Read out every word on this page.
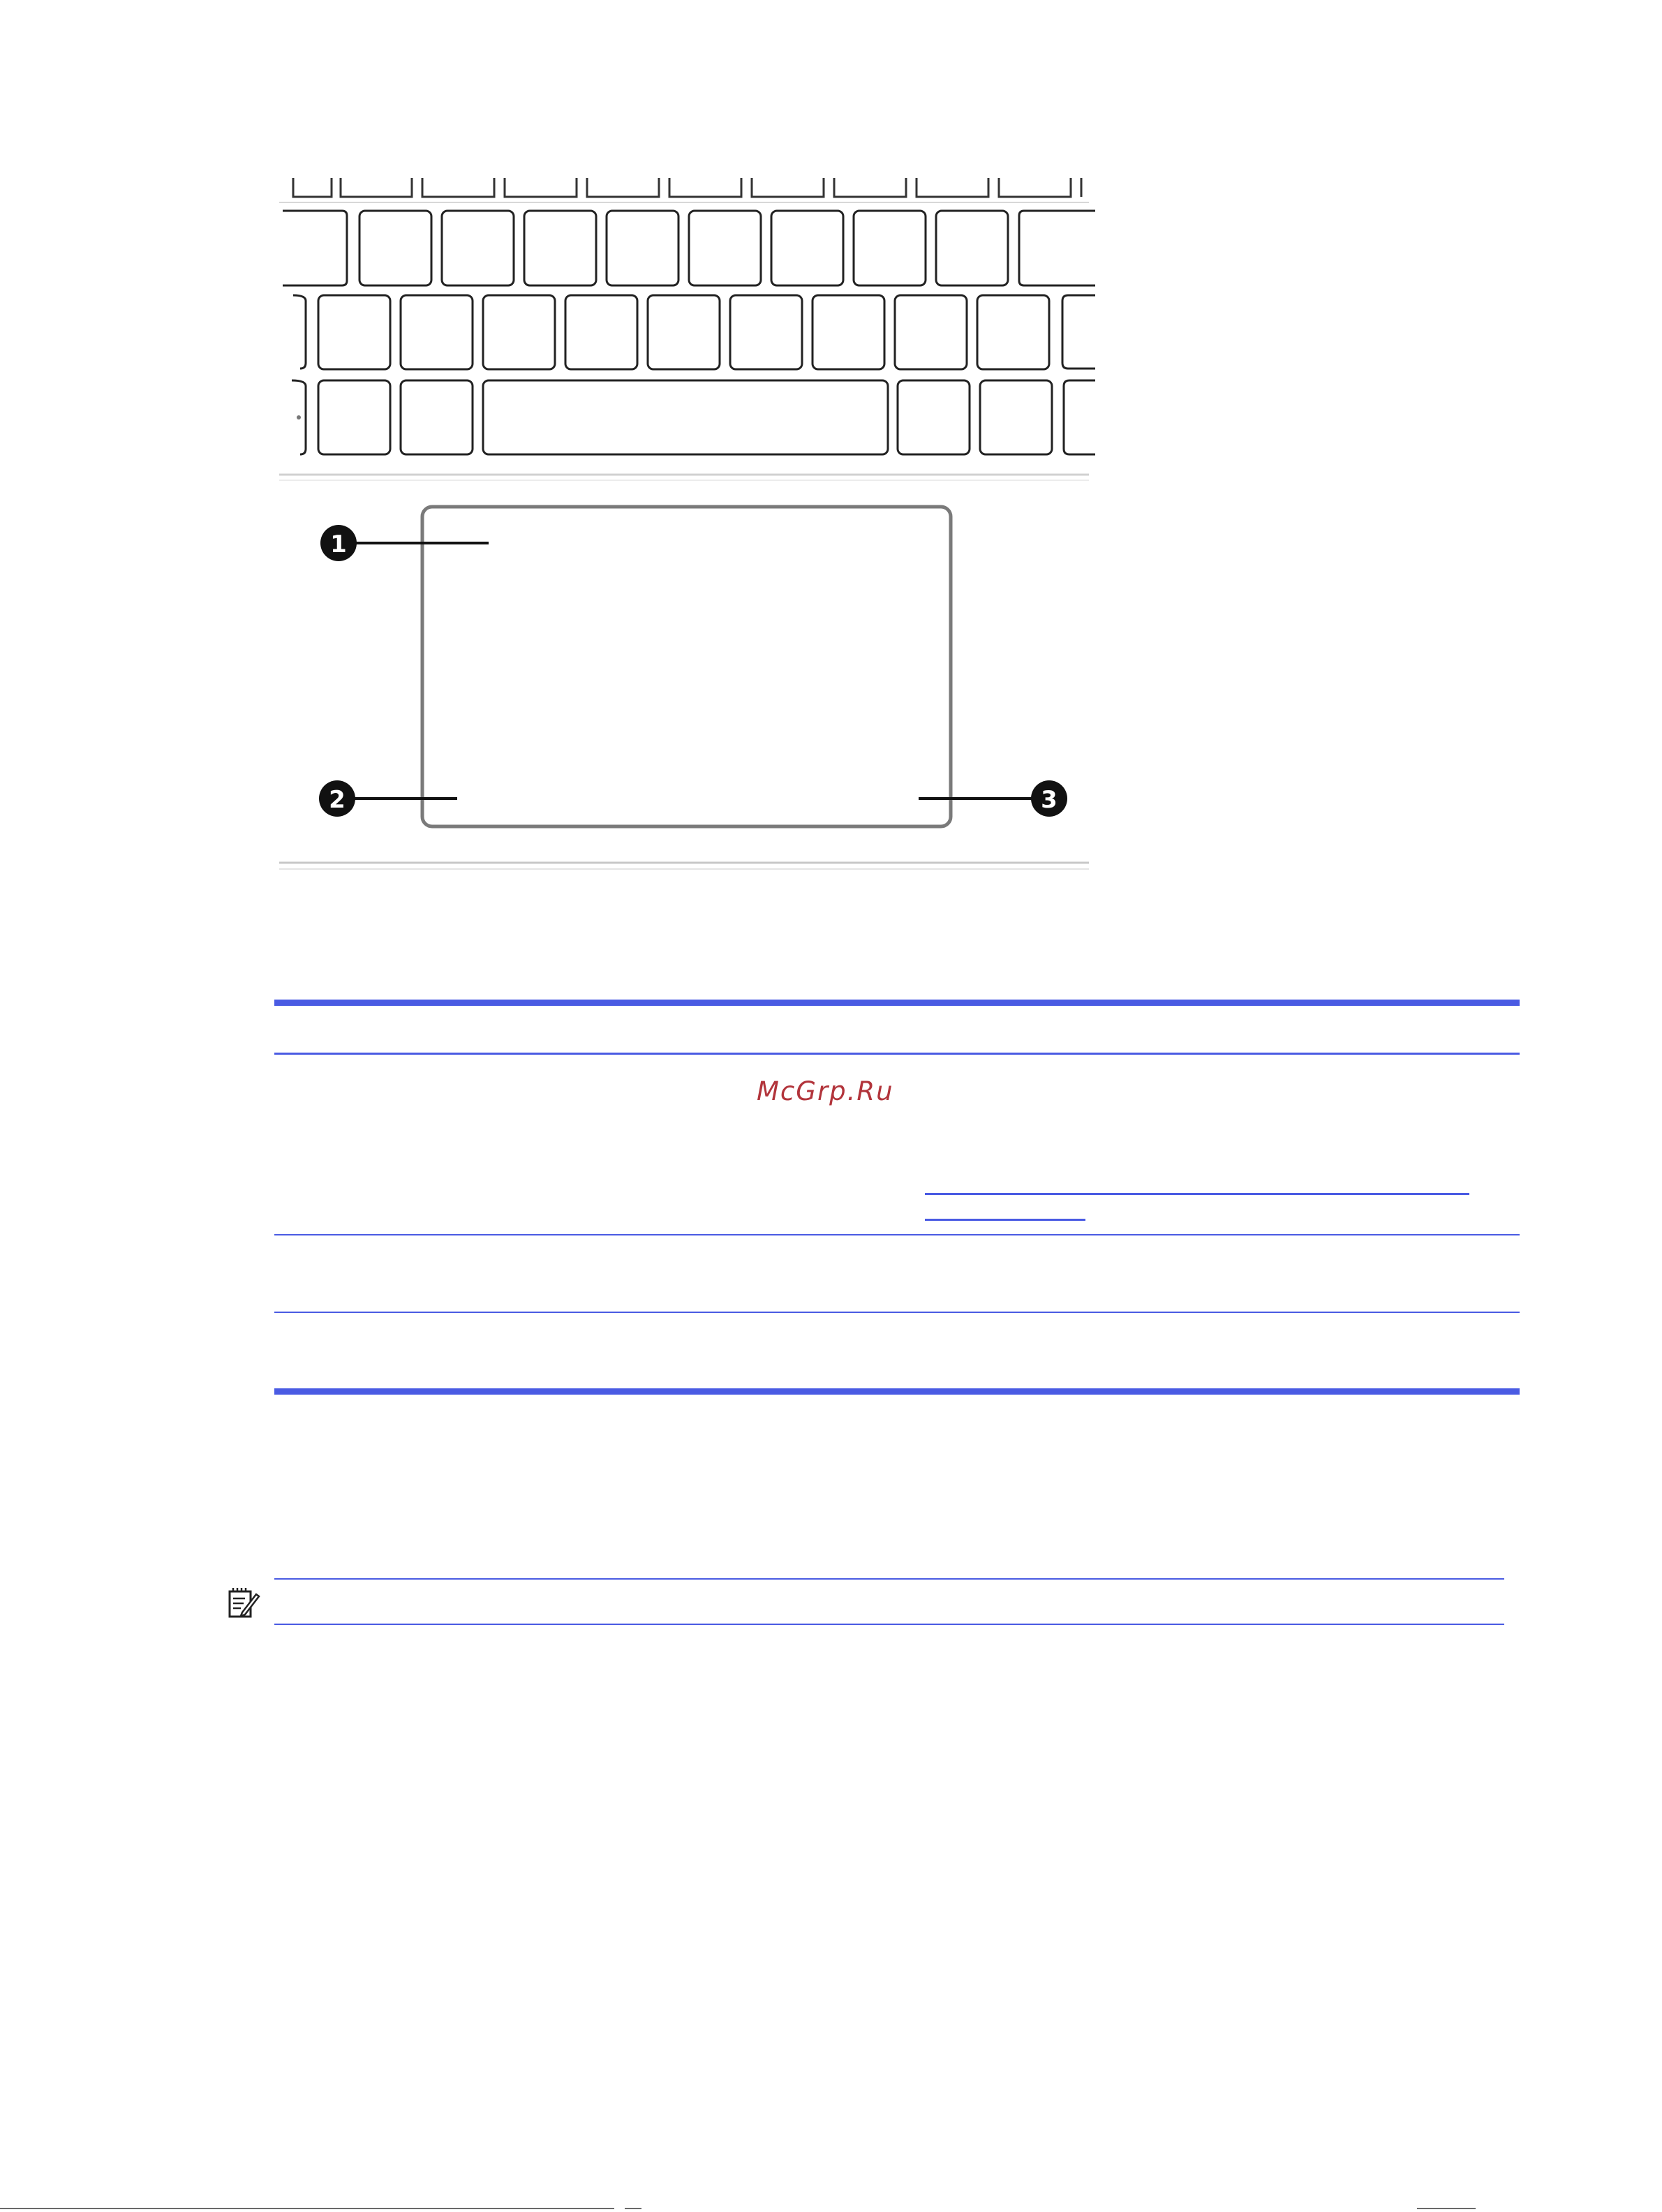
1
2	3
McGrp.Ru
